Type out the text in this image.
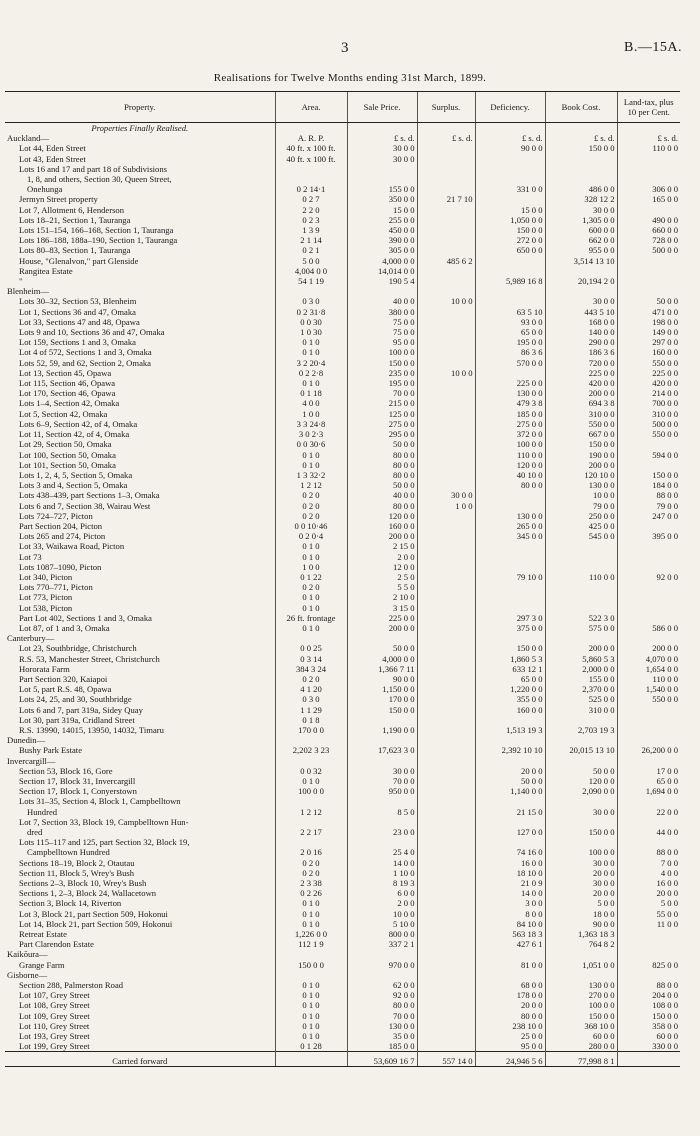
3	B.—15A.
Realisations for Twelve Months ending 31st March, 1899.
Property.	Area.	Sale Price.	Surplus.	Deficiency.	Book Cost.	Land-tax, plus 10 per Cent.
Properties Finally Realised.						
Auckland—	A. R. P.	£ s. d.	£ s. d.	£ s. d.	£ s. d.	£ s. d.
Lot 44, Eden Street	40 ft. x 100 ft.	30 0 0		90 0 0	150 0 0	110 0 0
Lot 43, Eden Street	40 ft. x 100 ft.	30 0 0				
Lots 16 and 17 and part 18 of Subdivisions						
1, 8, and others, Section 30, Queen Street,						
Onehunga	0 2 14·1	155 0 0		331 0 0	486 0 0	306 0 0
Jermyn Street property	0 2 7	350 0 0	21 7 10		328 12 2	165 0 0
Lot 7, Allotment 6, Henderson	2 2 0	15 0 0		15 0 0	30 0 0	
Lots 18–21, Section 1, Tauranga	0 2 3	255 0 0		1,050 0 0	1,305 0 0	490 0 0
Lots 151–154, 166–168, Section 1, Tauranga	1 3 9	450 0 0		150 0 0	600 0 0	660 0 0
Lots 186–188, 188a–190, Section 1, Tauranga	2 1 14	390 0 0		272 0 0	662 0 0	728 0 0
Lots 80–83, Section 1, Tauranga	0 2 1	305 0 0		650 0 0	955 0 0	500 0 0
House, "Glenalvon," part Glenside	5 0 0	4,000 0 0	485 6 2		3,514 13 10	
Rangitea Estate	4,004 0 0	14,014 0 0				
"	54 1 19	190 5 4		5,989 16 8	20,194 2 0	
Blenheim—						
Lots 30–32, Section 53, Blenheim	0 3 0	40 0 0	10 0 0		30 0 0	50 0 0
Lot 1, Sections 36 and 47, Omaka	0 2 31·8	380 0 0		63 5 10	443 5 10	471 0 0
Lot 33, Sections 47 and 48, Opawa	0 0 30	75 0 0		93 0 0	168 0 0	198 0 0
Lots 9 and 10, Sections 36 and 47, Omaka	1 0 30	75 0 0		65 0 0	140 0 0	149 0 0
Lot 159, Sections 1 and 3, Omaka	0 1 0	95 0 0		195 0 0	290 0 0	297 0 0
Lot 4 of 572, Sections 1 and 3, Omaka	0 1 0	100 0 0		86 3 6	186 3 6	160 0 0
Lots 52, 59, and 62, Section 2, Omaka	3 2 20·4	150 0 0		570 0 0	720 0 0	550 0 0
Lot 13, Section 45, Opawa	0 2 2·8	235 0 0	10 0 0		225 0 0	225 0 0
Lot 115, Section 46, Opawa	0 1 0	195 0 0		225 0 0	420 0 0	420 0 0
Lot 170, Section 46, Opawa	0 1 18	70 0 0		130 0 0	200 0 0	214 0 0
Lots 1–4, Section 42, Omaka	4 0 0	215 0 0		479 3 8	694 3 8	700 0 0
Lot 5, Section 42, Omaka	1 0 0	125 0 0		185 0 0	310 0 0	310 0 0
Lots 6–9, Section 42, of 4, Omaka	3 3 24·8	275 0 0		275 0 0	550 0 0	500 0 0
Lot 11, Section 42, of 4, Omaka	3 0 2·3	295 0 0		372 0 0	667 0 0	550 0 0
Lot 29, Section 50, Omaka	0 0 30·6	50 0 0		100 0 0	150 0 0	
Lot 100, Section 50, Omaka	0 1 0	80 0 0		110 0 0	190 0 0	594 0 0
Lot 101, Section 50, Omaka	0 1 0	80 0 0		120 0 0	200 0 0	
Lots 1, 2, 4, 5, Section 5, Omaka	1 3 32·2	80 0 0		40 10 0	120 10 0	150 0 0
Lots 3 and 4, Section 5, Omaka	1 2 12	50 0 0		80 0 0	130 0 0	184 0 0
Lots 438–439, part Sections 1–3, Omaka	0 2 0	40 0 0	30 0 0		10 0 0	88 0 0
Lots 6 and 7, Section 38, Wairau West	0 2 0	80 0 0	1 0 0		79 0 0	79 0 0
Lots 724–727, Picton	0 2 0	120 0 0		130 0 0	250 0 0	247 0 0
Part Section 204, Picton	0 0 10·46	160 0 0		265 0 0	425 0 0	
Lots 265 and 274, Picton	0 2 0·4	200 0 0		345 0 0	545 0 0	395 0 0
Lot 33, Waikawa Road, Picton	0 1 0	2 15 0				
Lot 73	0 1 0	2 0 0				
Lots 1087–1090, Picton	1 0 0	12 0 0				
Lot 340, Picton	0 1 22	2 5 0		79 10 0	110 0 0	92 0 0
Lots 770–771, Picton	0 2 0	5 5 0				
Lot 773, Picton	0 1 0	2 10 0				
Lot 538, Picton	0 1 0	3 15 0				
Part Lot 402, Sections 1 and 3, Omaka	26 ft. frontage	225 0 0		297 3 0	522 3 0	
Lot 87, of 1 and 3, Omaka	0 1 0	200 0 0		375 0 0	575 0 0	586 0 0
Canterbury—						
Lot 23, Southbridge, Christchurch	0 0 25	50 0 0		150 0 0	200 0 0	200 0 0
R.S. 53, Manchester Street, Christchurch	0 3 14	4,000 0 0		1,860 5 3	5,860 5 3	4,070 0 0
Hororata Farm	384 3 24	1,366 7 11		633 12 1	2,000 0 0	1,654 0 0
Part Section 320, Kaiapoi	0 2 0	90 0 0		65 0 0	155 0 0	110 0 0
Lot 5, part R.S. 48, Opawa	4 1 20	1,150 0 0		1,220 0 0	2,370 0 0	1,540 0 0
Lots 24, 25, and 30, Southbridge	0 3 0	170 0 0		355 0 0	525 0 0	550 0 0
Lots 6 and 7, part 319a, Sidey Quay	1 1 29	150 0 0		160 0 0	310 0 0	
Lot 30, part 319a, Cridland Street	0 1 8					
R.S. 13990, 14015, 13950, 14032, Timaru	170 0 0	1,190 0 0		1,513 19 3	2,703 19 3	
Dunedin—						
Bushy Park Estate	2,202 3 23	17,623 3 0		2,392 10 10	20,015 13 10	26,200 0 0
Invercargill—						
Section 53, Block 16, Gore	0 0 32	30 0 0		20 0 0	50 0 0	17 0 0
Section 17, Block 31, Invercargill	0 1 0	70 0 0		50 0 0	120 0 0	65 0 0
Section 17, Block 1, Conyerstown	100 0 0	950 0 0		1,140 0 0	2,090 0 0	1,694 0 0
Lots 31–35, Section 4, Block 1, Campbelltown						
Hundred	1 2 12	8 5 0		21 15 0	30 0 0	22 0 0
Lot 7, Section 33, Block 19, Campbelltown Hun-						
dred	2 2 17	23 0 0		127 0 0	150 0 0	44 0 0
Lots 115–117 and 125, part Section 32, Block 19,						
Campbelltown Hundred	2 0 16	25 4 0		74 16 0	100 0 0	88 0 0
Sections 18–19, Block 2, Otautau	0 2 0	14 0 0		16 0 0	30 0 0	7 0 0
Section 11, Block 5, Wrey's Bush	0 2 0	1 10 0		18 10 0	20 0 0	4 0 0
Sections 2–3, Block 10, Wrey's Bush	2 3 38	8 19 3		21 0 9	30 0 0	16 0 0
Sections 1, 2–3, Block 24, Wallacetown	0 2 26	6 0 0		14 0 0	20 0 0	20 0 0
Section 3, Block 14, Riverton	0 1 0	2 0 0		3 0 0	5 0 0	5 0 0
Lot 3, Block 21, part Section 509, Hokonui	0 1 0	10 0 0		8 0 0	18 0 0	55 0 0
Lot 14, Block 21, part Section 509, Hokonui	0 1 0	5 10 0		84 10 0	90 0 0	11 0 0
Retreat Estate	1,226 0 0	800 0 0		563 18 3	1,363 18 3	
Part Clarendon Estate	112 1 9	337 2 1		427 6 1	764 8 2	
Kaikōura—						
Grange Farm	150 0 0	970 0 0		81 0 0	1,051 0 0	825 0 0
Gisborne—						
Section 288, Palmerston Road	0 1 0	62 0 0		68 0 0	130 0 0	88 0 0
Lot 107, Grey Street	0 1 0	92 0 0		178 0 0	270 0 0	204 0 0
Lot 108, Grey Street	0 1 0	80 0 0		20 0 0	100 0 0	108 0 0
Lot 109, Grey Street	0 1 0	70 0 0		80 0 0	150 0 0	150 0 0
Lot 110, Grey Street	0 1 0	130 0 0		238 10 0	368 10 0	358 0 0
Lot 193, Grey Street	0 1 0	35 0 0		25 0 0	60 0 0	60 0 0
Lot 199, Grey Street	0 1 28	185 0 0		95 0 0	280 0 0	330 0 0
Carried forward		53,609 16 7	557 14 0	24,946 5 6	77,998 8 1	
